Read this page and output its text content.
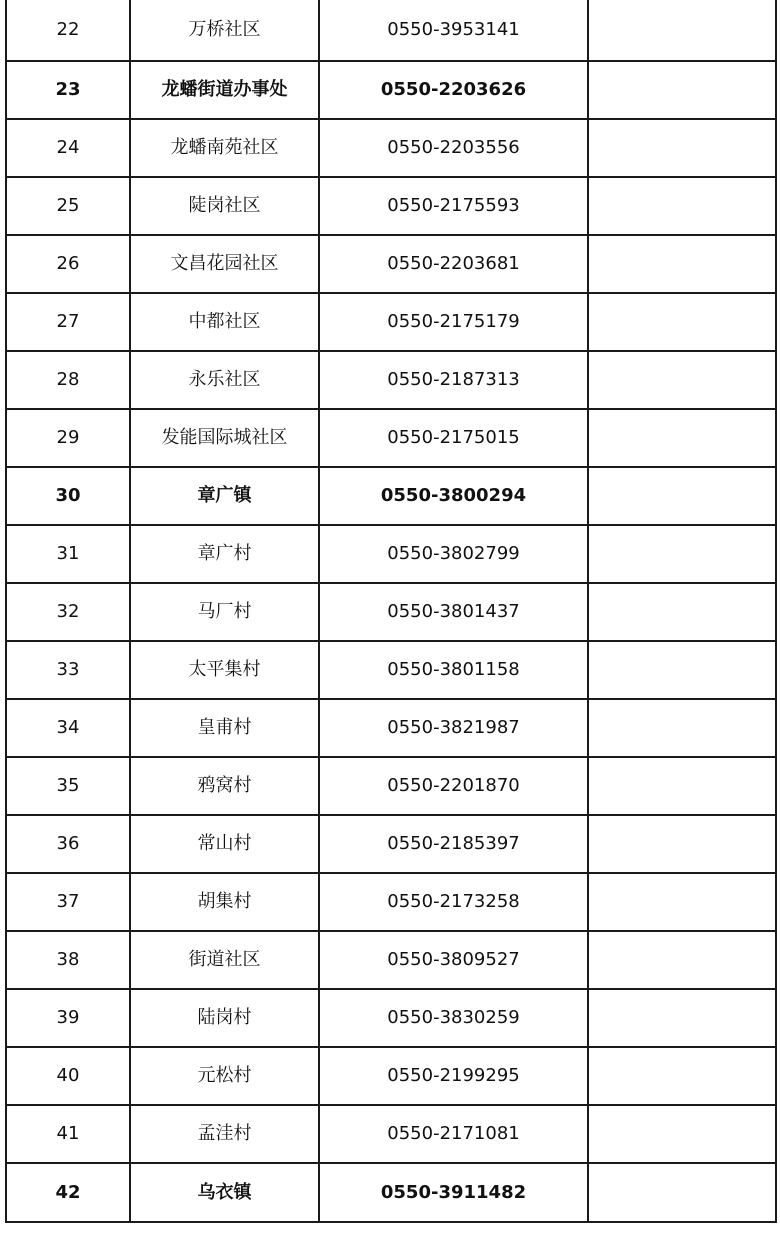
22	万桥社区	0550-3953141	
23	龙蟠街道办事处	0550-2203626	
24	龙蟠南苑社区	0550-2203556	
25	陡岗社区	0550-2175593	
26	文昌花园社区	0550-2203681	
27	中都社区	0550-2175179	
28	永乐社区	0550-2187313	
29	发能国际城社区	0550-2175015	
30	章广镇	0550-3800294	
31	章广村	0550-3802799	
32	马厂村	0550-3801437	
33	太平集村	0550-3801158	
34	皇甫村	0550-3821987	
35	鸦窝村	0550-2201870	
36	常山村	0550-2185397	
37	胡集村	0550-2173258	
38	街道社区	0550-3809527	
39	陆岗村	0550-3830259	
40	元松村	0550-2199295	
41	孟洼村	0550-2171081	
42	乌衣镇	0550-3911482	
